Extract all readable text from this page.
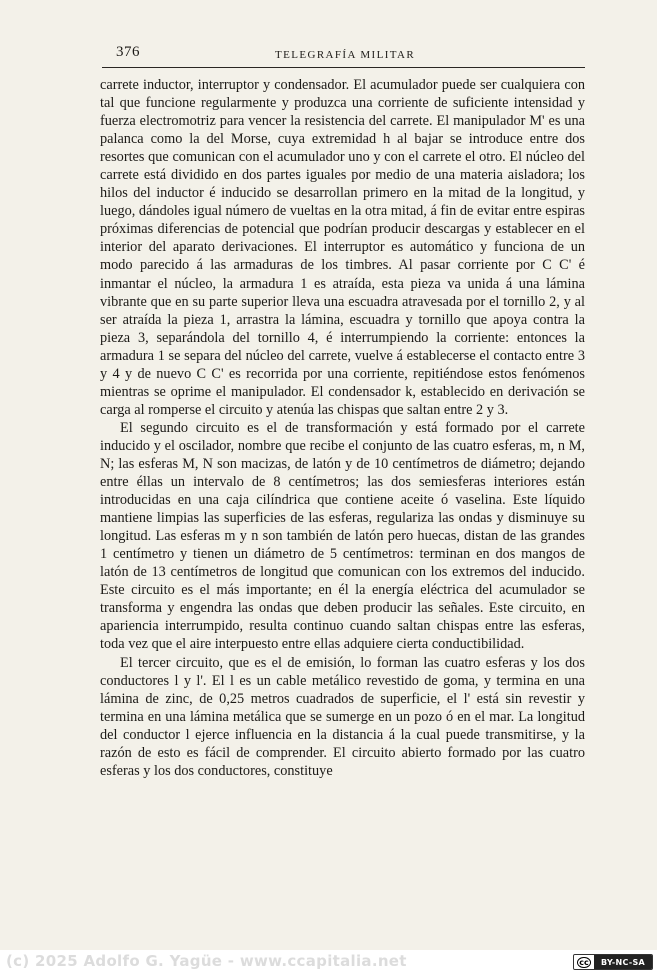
376	TELEGRAFÍA MILITAR

carrete inductor, interruptor y condensador. El acumulador puede ser cualquiera con tal que funcione regularmente y produzca una corriente de suficiente intensidad y fuerza electromotriz para vencer la resistencia del carrete. El manipulador M' es una palanca como la del Morse, cuya extremidad h al bajar se introduce entre dos resortes que comunican con el acumulador uno y con el carrete el otro. El núcleo del carrete está dividido en dos partes iguales por medio de una materia aisladora; los hilos del inductor é inducido se desarrollan primero en la mitad de la longitud, y luego, dándoles igual número de vueltas en la otra mitad, á fin de evitar entre espiras próximas diferencias de potencial que podrían producir descargas y establecer en el interior del aparato derivaciones. El interruptor es automático y funciona de un modo parecido á las armaduras de los timbres. Al pasar corriente por C C' é inmantar el núcleo, la armadura 1 es atraída, esta pieza va unida á una lámina vibrante que en su parte superior lleva una escuadra atravesada por el tornillo 2, y al ser atraída la pieza 1, arrastra la lámina, escuadra y tornillo que apoya contra la pieza 3, separándola del tornillo 4, é interrumpiendo la corriente: entonces la armadura 1 se separa del núcleo del carrete, vuelve á establecerse el contacto entre 3 y 4 y de nuevo C C' es recorrida por una corriente, repitiéndose estos fenómenos mientras se oprime el manipulador. El condensador k, establecido en derivación se carga al romperse el circuito y atenúa las chispas que saltan entre 2 y 3.

El segundo circuito es el de transformación y está formado por el carrete inducido y el oscilador, nombre que recibe el conjunto de las cuatro esferas, m, n M, N; las esferas M, N son macizas, de latón y de 10 centímetros de diámetro; dejando entre éllas un intervalo de 8 centímetros; las dos semiesferas interiores están introducidas en una caja cilíndrica que contiene aceite ó vaselina. Este líquido mantiene limpias las superficies de las esferas, regulariza las ondas y disminuye su longitud. Las esferas m y n son también de latón pero huecas, distan de las grandes 1 centímetro y tienen un diámetro de 5 centímetros: terminan en dos mangos de latón de 13 centímetros de longitud que comunican con los extremos del inducido. Este circuito es el más importante; en él la energía eléctrica del acumulador se transforma y engendra las ondas que deben producir las señales. Este circuito, en apariencia interrumpido, resulta continuo cuando saltan chispas entre las esferas, toda vez que el aire interpuesto entre ellas adquiere cierta conductibilidad.

El tercer circuito, que es el de emisión, lo forman las cuatro esferas y los dos conductores l y l'. El l es un cable metálico revestido de goma, y termina en una lámina de zinc, de 0,25 metros cuadrados de superficie, el l' está sin revestir y termina en una lámina metálica que se sumerge en un pozo ó en el mar. La longitud del conductor l ejerce influencia en la distancia á la cual puede transmitirse, y la razón de esto es fácil de comprender. El circuito abierto formado por las cuatro esferas y los dos conductores, constituye

(c) 2025 Adolfo G. Yagüe - www.ccapitalia.net	cc	BY-NC-SA
